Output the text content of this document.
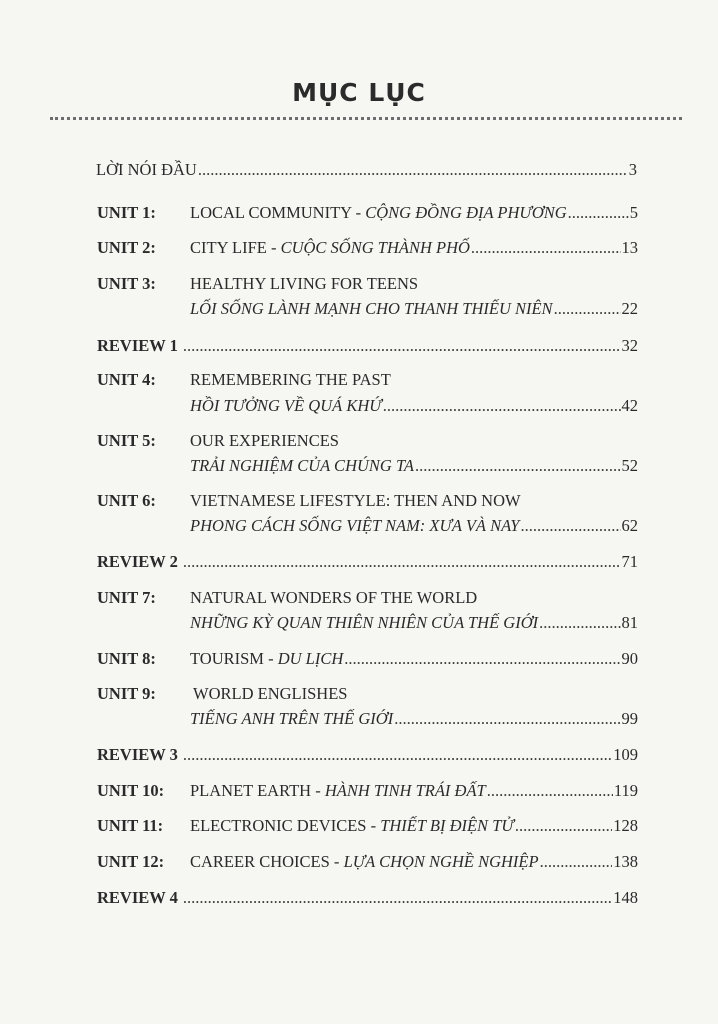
MỤC LỤC
LỜI NÓI ĐẦU .....	3
UNIT 1:	LOCAL COMMUNITY - CỘNG ĐỒNG ĐỊA PHƯƠNG .....	5
UNIT 2:	CITY LIFE - CUỘC SỐNG THÀNH PHỐ .....	13
UNIT 3:	HEALTHY LIVING FOR TEENS
LỐI SỐNG LÀNH MẠNH CHO THANH THIẾU NIÊN .....	22
REVIEW 1 .....	32
UNIT 4:	REMEMBERING THE PAST
HỒI TƯỞNG VỀ QUÁ KHỨ .....	42
UNIT 5:	OUR EXPERIENCES
TRẢI NGHIỆM CỦA CHÚNG TA .....	52
UNIT 6:	VIETNAMESE LIFESTYLE: THEN AND NOW
PHONG CÁCH SỐNG VIỆT NAM: XƯA VÀ NAY .....	62
REVIEW 2 .....	71
UNIT 7:	NATURAL WONDERS OF THE WORLD
NHỮNG KỲ QUAN THIÊN NHIÊN CỦA THẾ GIỚI .....	81
UNIT 8:	TOURISM - DU LỊCH .....	90
UNIT 9:	WORLD ENGLISHES
TIẾNG ANH TRÊN THẾ GIỚI .....	99
REVIEW 3 .....	109
UNIT 10:	PLANET EARTH - HÀNH TINH TRÁI ĐẤT .....	119
UNIT 11:	ELECTRONIC DEVICES - THIẾT BỊ ĐIỆN TỬ .....	128
UNIT 12:	CAREER CHOICES - LỰA CHỌN NGHỀ NGHIỆP .....	138
REVIEW 4 .....	148
